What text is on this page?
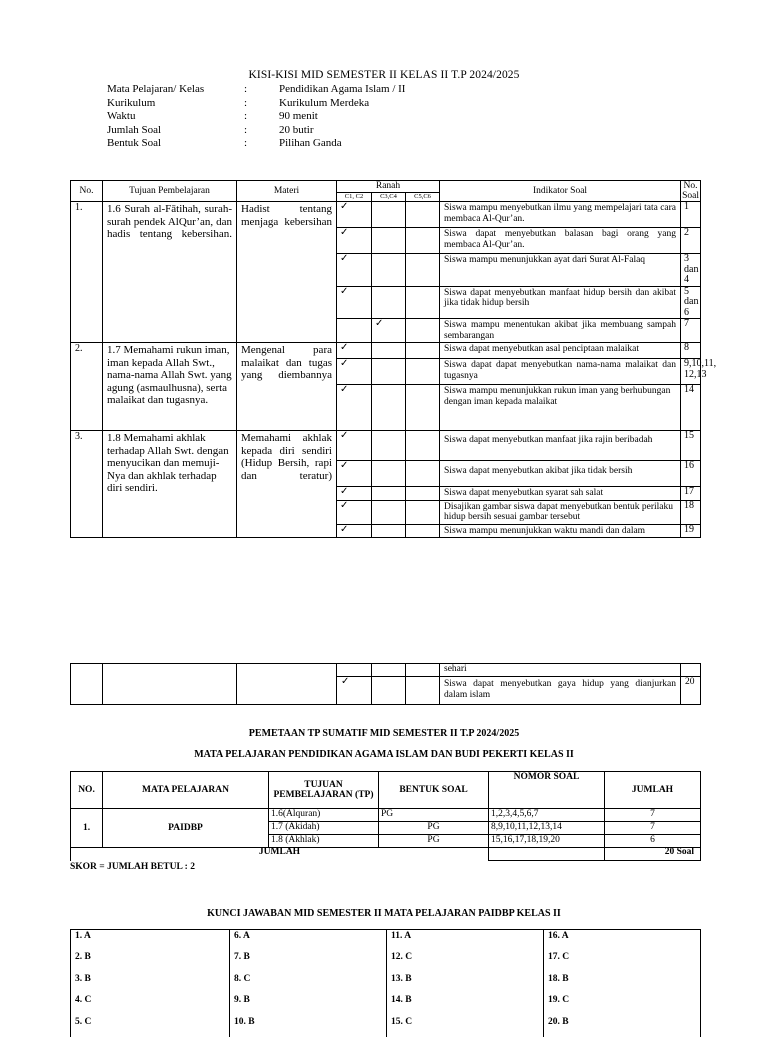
KISI-KISI MID SEMESTER II KELAS II T.P 2024/2025
Mata Pelajaran/ Kelas	:	Pendidikan Agama Islam / II
Kurikulum	:	Kurikulum Merdeka
Waktu	:	90 menit
Jumlah Soal	:	20 butir
Bentuk Soal	:	Pilihan Ganda
No.	Tujuan Pembelajaran	Materi	Ranah			Indikator Soal	No. Soal
			C1, C2	C3,C4	C5,C6		
1.	1.6 Surah al-Fātihah, surah-surah pendek AlQur’an, dan hadis tentang kebersihan.	Hadist tentang menjaga kebersihan	✓			Siswa mampu menyebutkan ilmu yang mempelajari tata cara membaca Al-Qur’an.	1
			✓			Siswa dapat menyebutkan balasan bagi orang yang membaca Al-Qur’an.	2
			✓			Siswa mampu menunjukkan ayat dari Surat Al-Falaq	3 dan 4
			✓			Siswa dapat menyebutkan manfaat hidup bersih dan akibat jika tidak hidup bersih	5 dan 6
				✓		Siswa mampu menentukan akibat jika membuang sampah sembarangan	7
2.	1.7 Memahami rukun iman, iman kepada Allah Swt., nama-nama Allah Swt. yang agung (asmaulhusna), serta malaikat dan tugasnya.	Mengenal para malaikat dan tugas yang diembannya	✓			Siswa dapat menyebutkan asal penciptaan malaikat	8
			✓			Siswa dapat dapat menyebutkan nama-nama malaikat dan tugasnya	9,10,11, 12,13
			✓			Siswa mampu menunjukkan rukun iman yang berhubungan dengan iman kepada malaikat	14
3.	1.8 Memahami akhlak terhadap Allah Swt. dengan menyucikan dan memuji-Nya dan akhlak terhadap diri sendiri.	Memahami akhlak kepada diri sendiri (Hidup Bersih, rapi dan teratur)	✓			Siswa dapat menyebutkan manfaat jika rajin beribadah	15
			✓			Siswa dapat menyebutkan akibat jika tidak bersih	16
			✓			Siswa dapat menyebutkan syarat sah salat	17
			✓			Disajikan gambar siswa dapat menyebutkan bentuk perilaku hidup bersih sesuai gambar tersebut	18
			✓			Siswa mampu menunjukkan waktu mandi dan dalam	19
						sehari	
			✓			Siswa dapat menyebutkan gaya hidup yang dianjurkan dalam islam	20
PEMETAAN TP SUMATIF MID SEMESTER II T.P 2024/2025
MATA PELAJARAN PENDIDIKAN AGAMA ISLAM DAN BUDI PEKERTI KELAS II
NO.	MATA PELAJARAN	TUJUAN PEMBELAJARAN (TP)	BENTUK SOAL	NOMOR SOAL	JUMLAH
1.	PAIDBP	1.6(Alquran)	PG	1,2,3,4,5,6,7	7
		1.7 (Akidah)	PG	8,9,10,11,12,13,14	7
		1.8 (Akhlak)	PG	15,16,17,18,19,20	6
JUMLAH					20 Soal
SKOR = JUMLAH BETUL : 2
KUNCI JAWABAN MID SEMESTER II MATA PELAJARAN PAIDBP KELAS II
1. A	6. A	11. A	16. A
2. B	7. B	12. C	17. C
3. B	8. C	13. B	18. B
4. C	9. B	14. B	19. C
5. C	10. B	15. C	20. B
